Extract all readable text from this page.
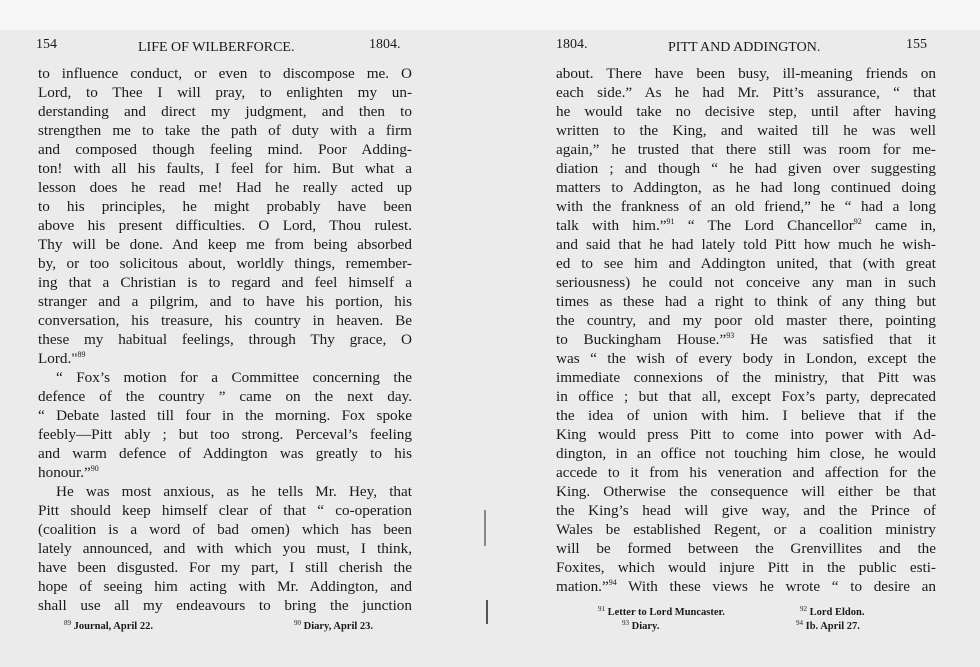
154	LIFE OF WILBERFORCE.	1804.
to influence conduct, or even to discompose me. O
Lord, to Thee I will pray, to enlighten my un-
derstanding and direct my judgment, and then to
strengthen me to take the path of duty with a firm
and composed though feeling mind. Poor Adding-
ton! with all his faults, I feel for him. But what a
lesson does he read me! Had he really acted up
to his principles, he might probably have been
above his present difficulties. O Lord, Thou rulest.
Thy will be done. And keep me from being absorbed
by, or too solicitous about, worldly things, remember-
ing that a Christian is to regard and feel himself a
stranger and a pilgrim, and to have his portion, his
conversation, his treasure, his country in heaven. Be
these my habitual feelings, through Thy grace, O
Lord."$^{89}$
“ Fox’s motion for a Committee concerning the
defence of the country ” came on the next day.
“ Debate lasted till four in the morning. Fox spoke
feebly—Pitt ably ; but too strong. Perceval’s feeling
and warm defence of Addington was greatly to his
honour.”$^{90}$
He was most anxious, as he tells Mr. Hey, that
Pitt should keep himself clear of that “ co-operation
(coalition is a word of bad omen) which has been
lately announced, and with which you must, I think,
have been disgusted. For my part, I still cherish the
hope of seeing him acting with Mr. Addington, and
shall use all my endeavours to bring the junction
$^{89}$ Journal, April 22.	$^{90}$ Diary, April 23.
1804.	PITT AND ADDINGTON.	155
about. There have been busy, ill-meaning friends on
each side.” As he had Mr. Pitt’s assurance, “ that
he would take no decisive step, until after having
written to the King, and waited till he was well
again,” he trusted that there still was room for me-
diation ; and though “ he had given over suggesting
matters to Addington, as he had long continued doing
with the frankness of an old friend,” he “ had a long
talk with him.”$^{91}$ “ The Lord Chancellor$^{92}$ came in,
and said that he had lately told Pitt how much he wish-
ed to see him and Addington united, that (with great
seriousness) he could not conceive any man in such
times as these had a right to think of any thing but
the country, and my poor old master there, pointing
to Buckingham House.”$^{93}$ He was satisfied that it
was “ the wish of every body in London, except the
immediate connexions of the ministry, that Pitt was
in office ; but that all, except Fox’s party, deprecated
the idea of union with him. I believe that if the
King would press Pitt to come into power with Ad-
dington, in an office not touching him close, he would
accede to it from his veneration and affection for the
King. Otherwise the consequence will either be that
the King’s head will give way, and the Prince of
Wales be established Regent, or a coalition ministry
will be formed between the Grenvillites and the
Foxites, which would injure Pitt in the public esti-
mation.”$^{94}$ With these views he wrote “ to desire an
$^{91}$ Letter to Lord Muncaster.	$^{92}$ Lord Eldon.
$^{93}$ Diary.	$^{94}$ Ib. April 27.
